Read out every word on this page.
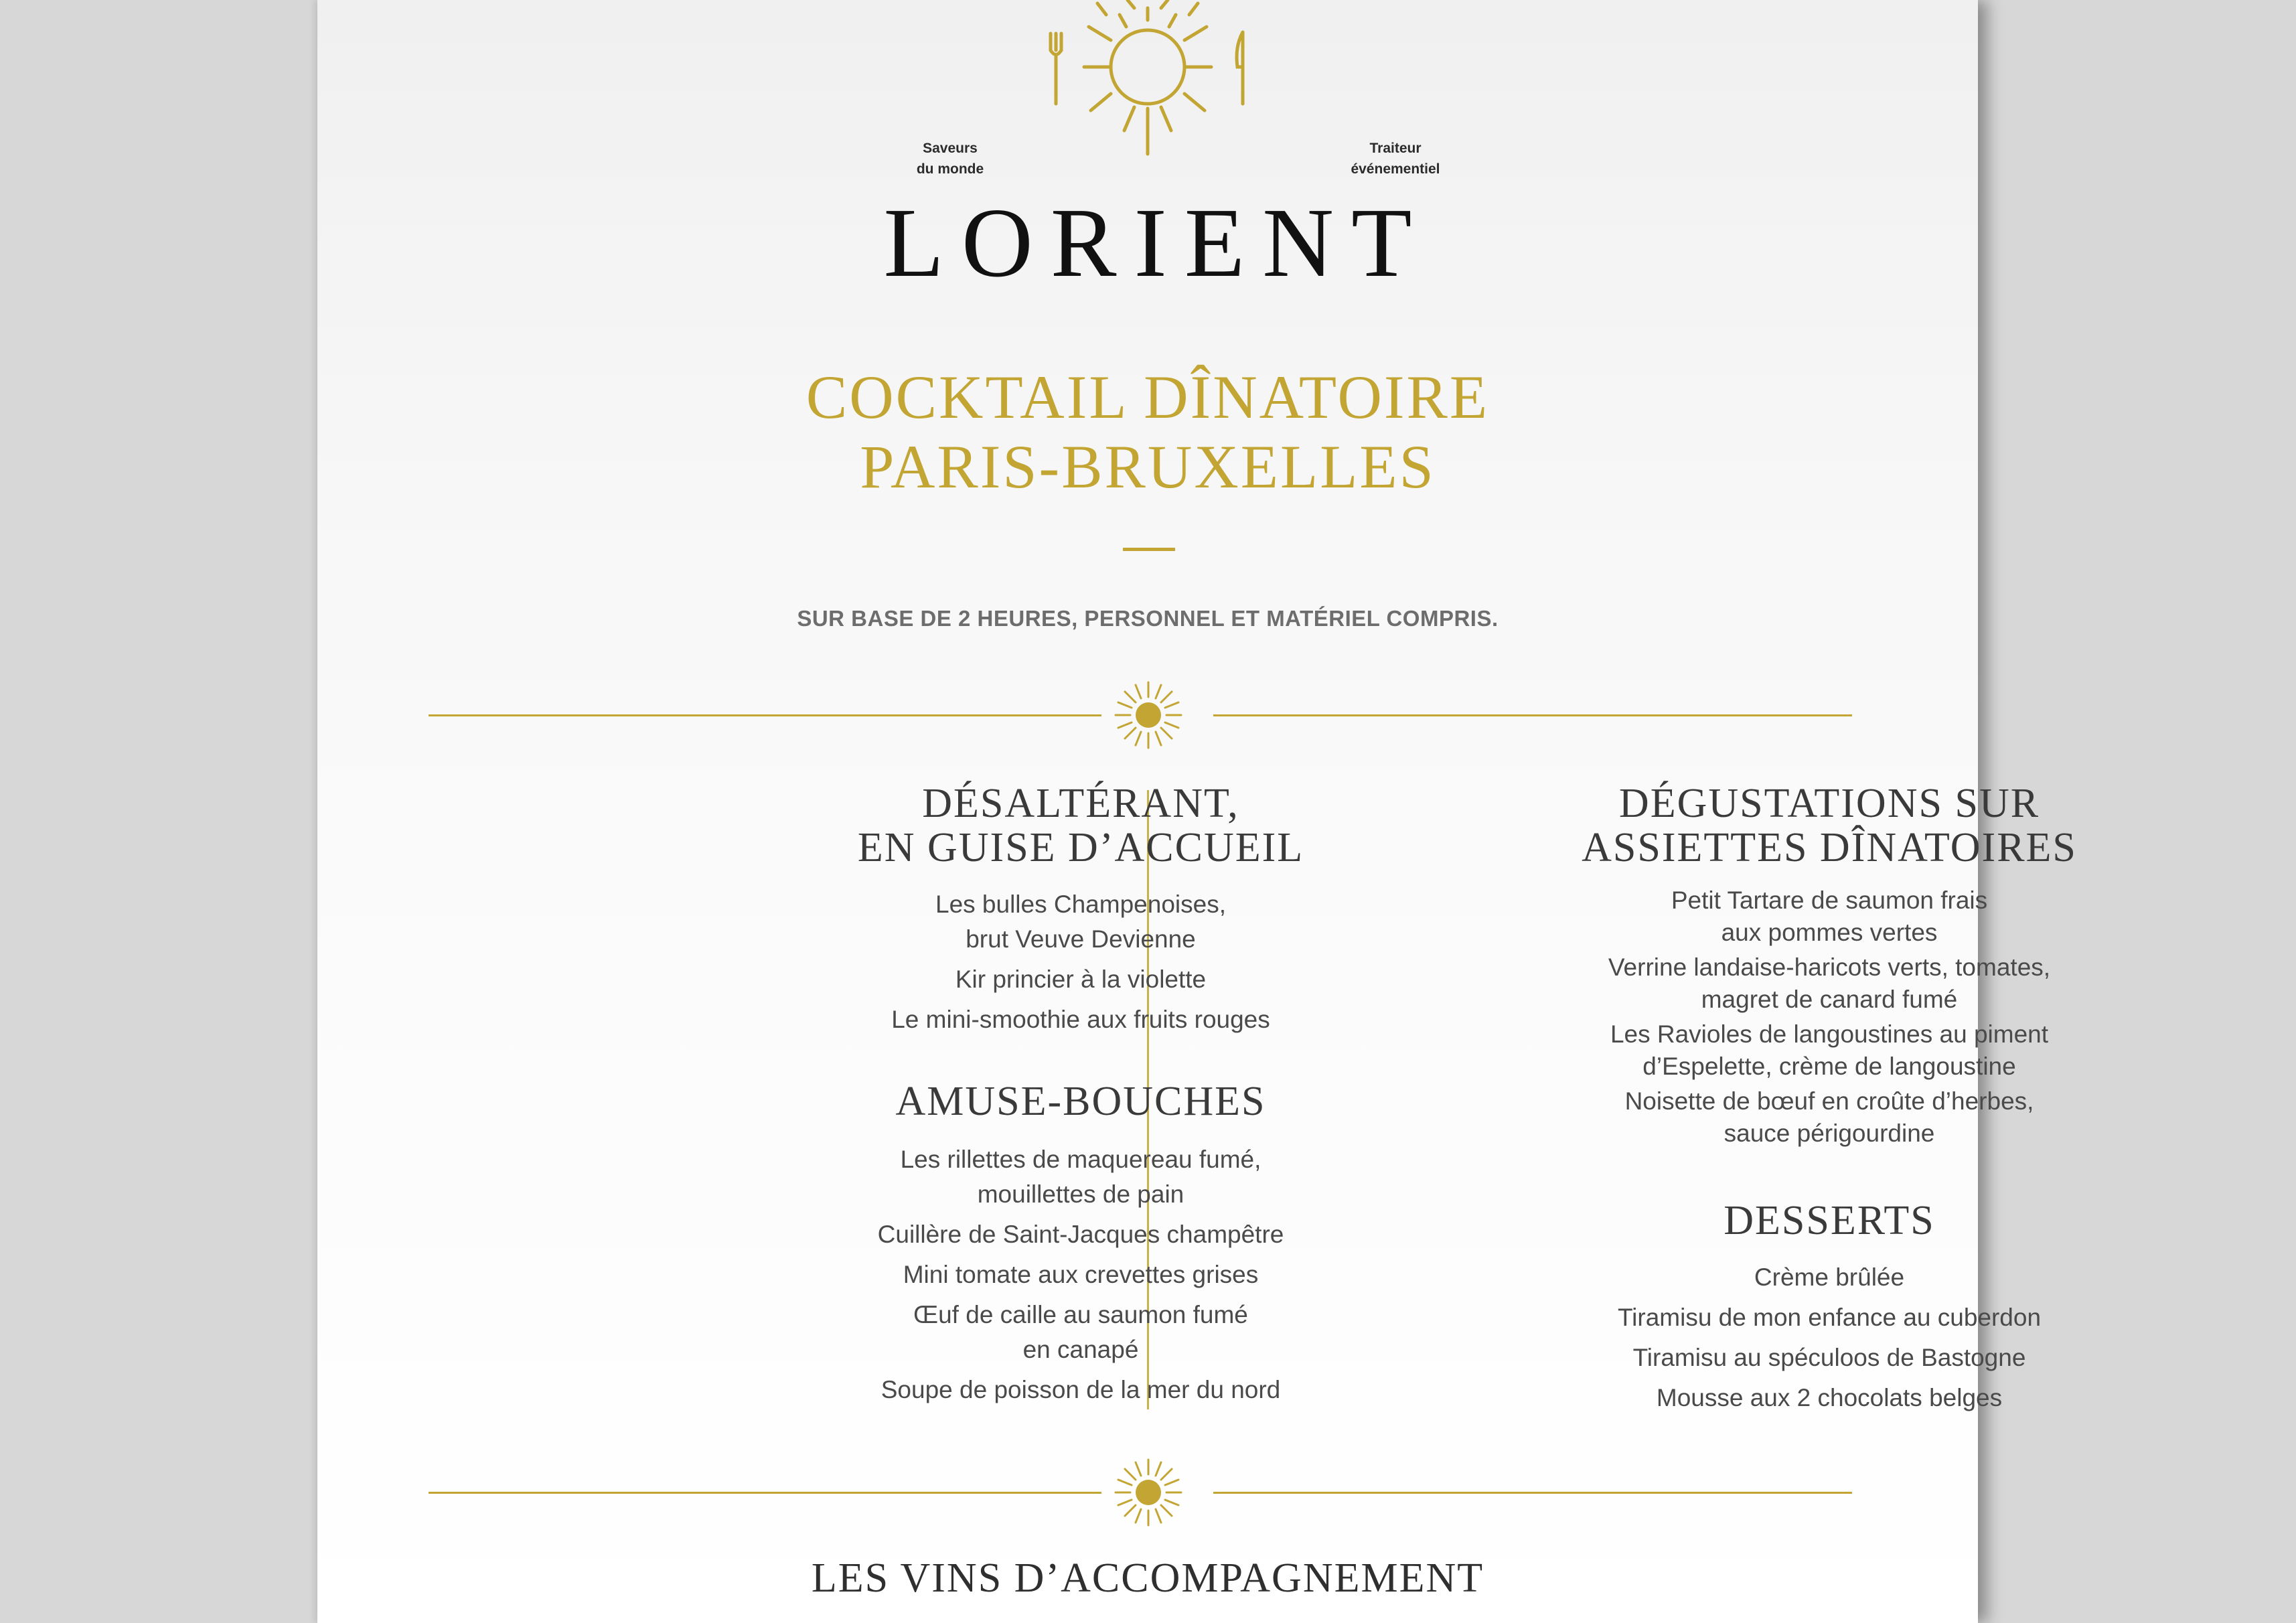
Saveurs
du monde
Traiteur
événementiel
LORIENT
COCKTAIL DÎNATOIRE
PARIS-BRUXELLES
SUR BASE DE 2 HEURES, PERSONNEL ET MATÉRIEL COMPRIS.
DÉSALTÉRANT,
EN GUISE D’ACCUEIL
Les bulles Champenoises,
brut Veuve Devienne
Kir princier à la violette
Le mini-smoothie aux fruits rouges
AMUSE-BOUCHES
Les rillettes de maquereau fumé,
mouillettes de pain
Cuillère de Saint-Jacques champêtre
Mini tomate aux crevettes grises
Œuf de caille au saumon fumé
en canapé
Soupe de poisson de la mer du nord
DÉGUSTATIONS SUR
ASSIETTES DÎNATOIRES
Petit Tartare de saumon frais
aux pommes vertes
Verrine landaise-haricots verts, tomates,
magret de canard fumé
Les Ravioles de langoustines au piment
d’Espelette, crème de langoustine
Noisette de bœuf en croûte d’herbes,
sauce périgourdine
DESSERTS
Crème brûlée
Tiramisu de mon enfance au cuberdon
Tiramisu au spéculoos de Bastogne
Mousse aux 2 chocolats belges
LES VINS D’ACCOMPAGNEMENT
